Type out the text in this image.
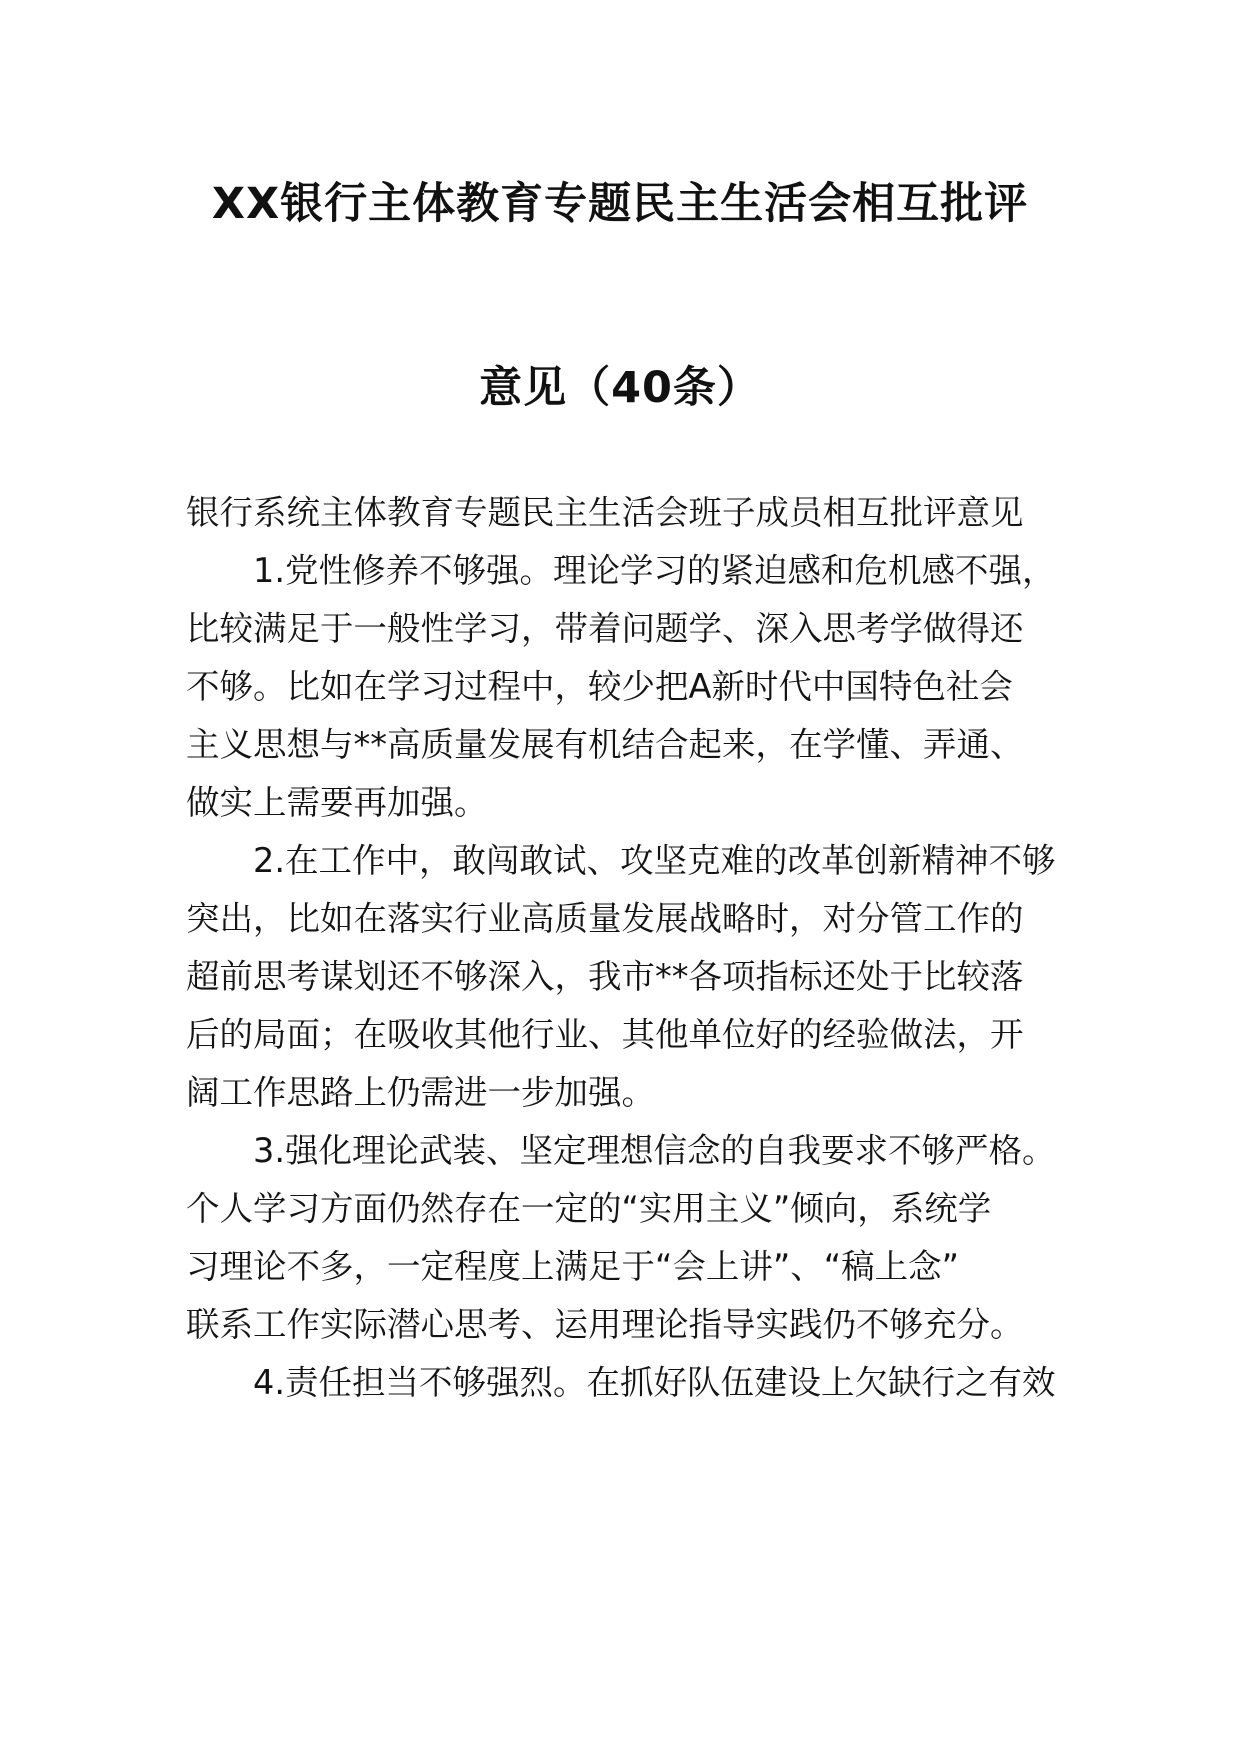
XX银行主体教育专题民主生活会相互批评
意见（40条）
银行系统主体教育专题民主生活会班子成员相互批评意见
1.党性修养不够强。理论学习的紧迫感和危机感不强，
比较满足于一般性学习，带着问题学、深入思考学做得还
不够。比如在学习过程中，较少把A新时代中国特色社会
主义思想与**高质量发展有机结合起来，在学懂、弄通、
做实上需要再加强。
2.在工作中，敢闯敢试、攻坚克难的改革创新精神不够
突出，比如在落实行业高质量发展战略时，对分管工作的
超前思考谋划还不够深入，我市**各项指标还处于比较落
后的局面；在吸收其他行业、其他单位好的经验做法，开
阔工作思路上仍需进一步加强。
3.强化理论武装、坚定理想信念的自我要求不够严格。
个人学习方面仍然存在一定的“实用主义”倾向，系统学
习理论不多，一定程度上满足于“会上讲”、“稿上念”
联系工作实际潜心思考、运用理论指导实践仍不够充分。
4.责任担当不够强烈。在抓好队伍建设上欠缺行之有效
